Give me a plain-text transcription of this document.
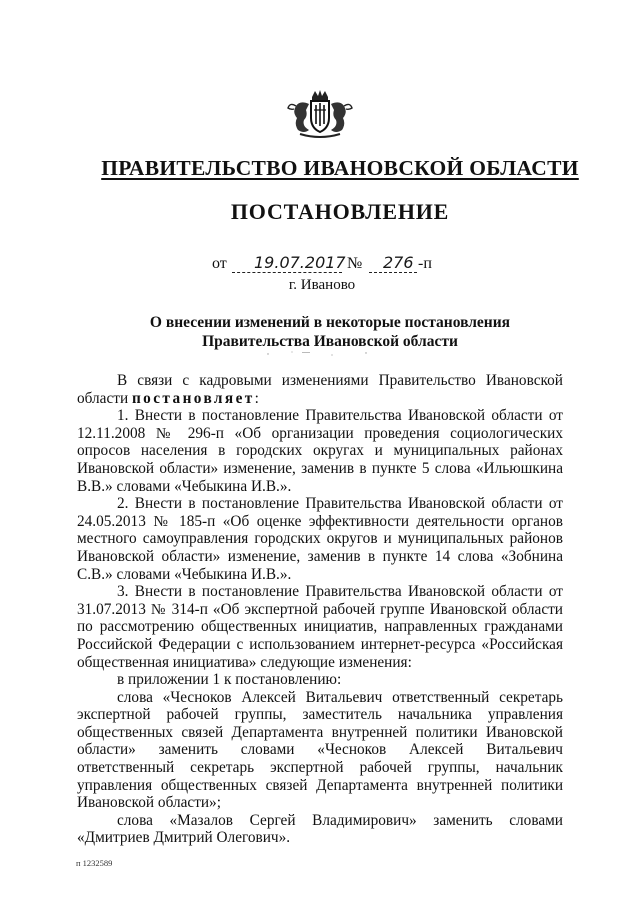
ПРАВИТЕЛЬСТВО ИВАНОВСКОЙ ОБЛАСТИ
ПОСТАНОВЛЕНИЕ
от 19.07.2017 № 276 -п
г. Иваново
О внесении изменений в некоторые постановления
Правительства Ивановской области

В связи с кадровыми изменениями Правительство Ивановской области постановляет:

1. Внести в постановление Правительства Ивановской области от 12.11.2008 № 296-п «Об организации проведения социологических опросов населения в городских округах и муниципальных районах Ивановской области» изменение, заменив в пункте 5 слова «Ильюшкина В.В.» словами «Чебыкина И.В.».

2. Внести в постановление Правительства Ивановской области от 24.05.2013 № 185-п «Об оценке эффективности деятельности органов местного самоуправления городских округов и муниципальных районов Ивановской области» изменение, заменив в пункте 14 слова «Зобнина С.В.» словами «Чебыкина И.В.».

3. Внести в постановление Правительства Ивановской области от 31.07.2013 № 314-п «Об экспертной рабочей группе Ивановской области по рассмотрению общественных инициатив, направленных гражданами Российской Федерации с использованием интернет-ресурса «Российская общественная инициатива» следующие изменения:

в приложении 1 к постановлению:

слова «Чесноков Алексей Витальевич ответственный секретарь экспертной рабочей группы, заместитель начальника управления общественных связей Департамента внутренней политики Ивановской области» заменить словами «Чесноков Алексей Витальевич ответственный секретарь экспертной рабочей группы, начальник управления общественных связей Департамента внутренней политики Ивановской области»;

слова «Мазалов Сергей Владимирович» заменить словами «Дмитриев Дмитрий Олегович».

п 1232589
